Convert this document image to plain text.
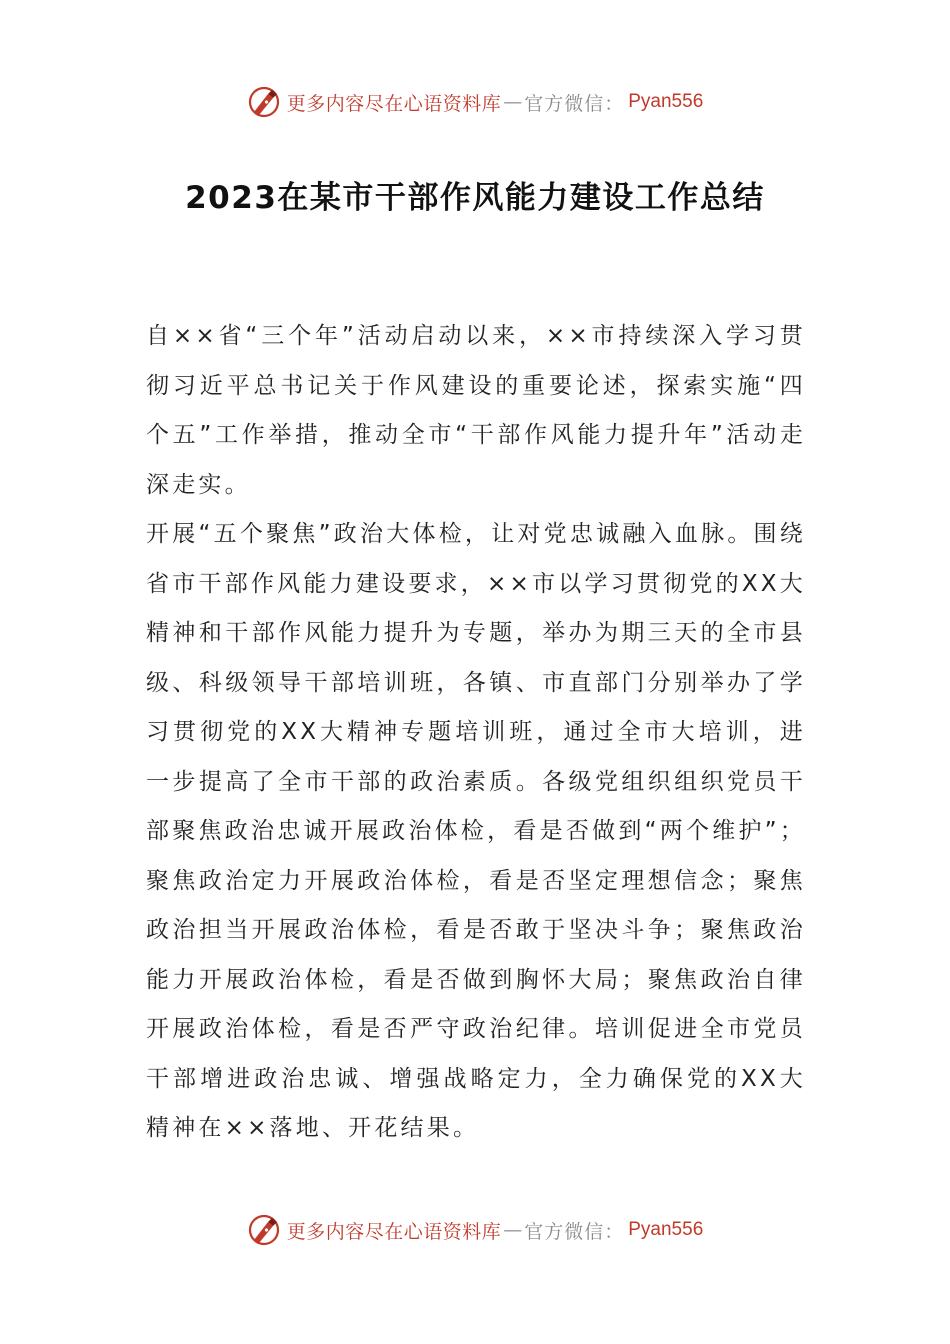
更多内容尽在心语资料库 — 官方微信： Pyan556
2023在某市干部作风能力建设工作总结

自××省“三个年”活动启动以来，××市持续深入学习贯彻习近平总书记关于作风建设的重要论述，探索实施“四个五”工作举措，推动全市“干部作风能力提升年”活动走深走实。

开展“五个聚焦”政治大体检，让对党忠诚融入血脉。围绕省市干部作风能力建设要求，××市以学习贯彻党的XX大精神和干部作风能力提升为专题，举办为期三天的全市县级、科级领导干部培训班，各镇、市直部门分别举办了学习贯彻党的XX大精神专题培训班，通过全市大培训，进一步提高了全市干部的政治素质。各级党组织组织党员干部聚焦政治忠诚开展政治体检，看是否做到“两个维护”；聚焦政治定力开展政治体检，看是否坚定理想信念；聚焦政治担当开展政治体检，看是否敢于坚决斗争；聚焦政治能力开展政治体检，看是否做到胸怀大局；聚焦政治自律开展政治体检，看是否严守政治纪律。培训促进全市党员干部增进政治忠诚、增强战略定力，全力确保党的XX大精神在××落地、开花结果。

更多内容尽在心语资料库 — 官方微信： Pyan556
